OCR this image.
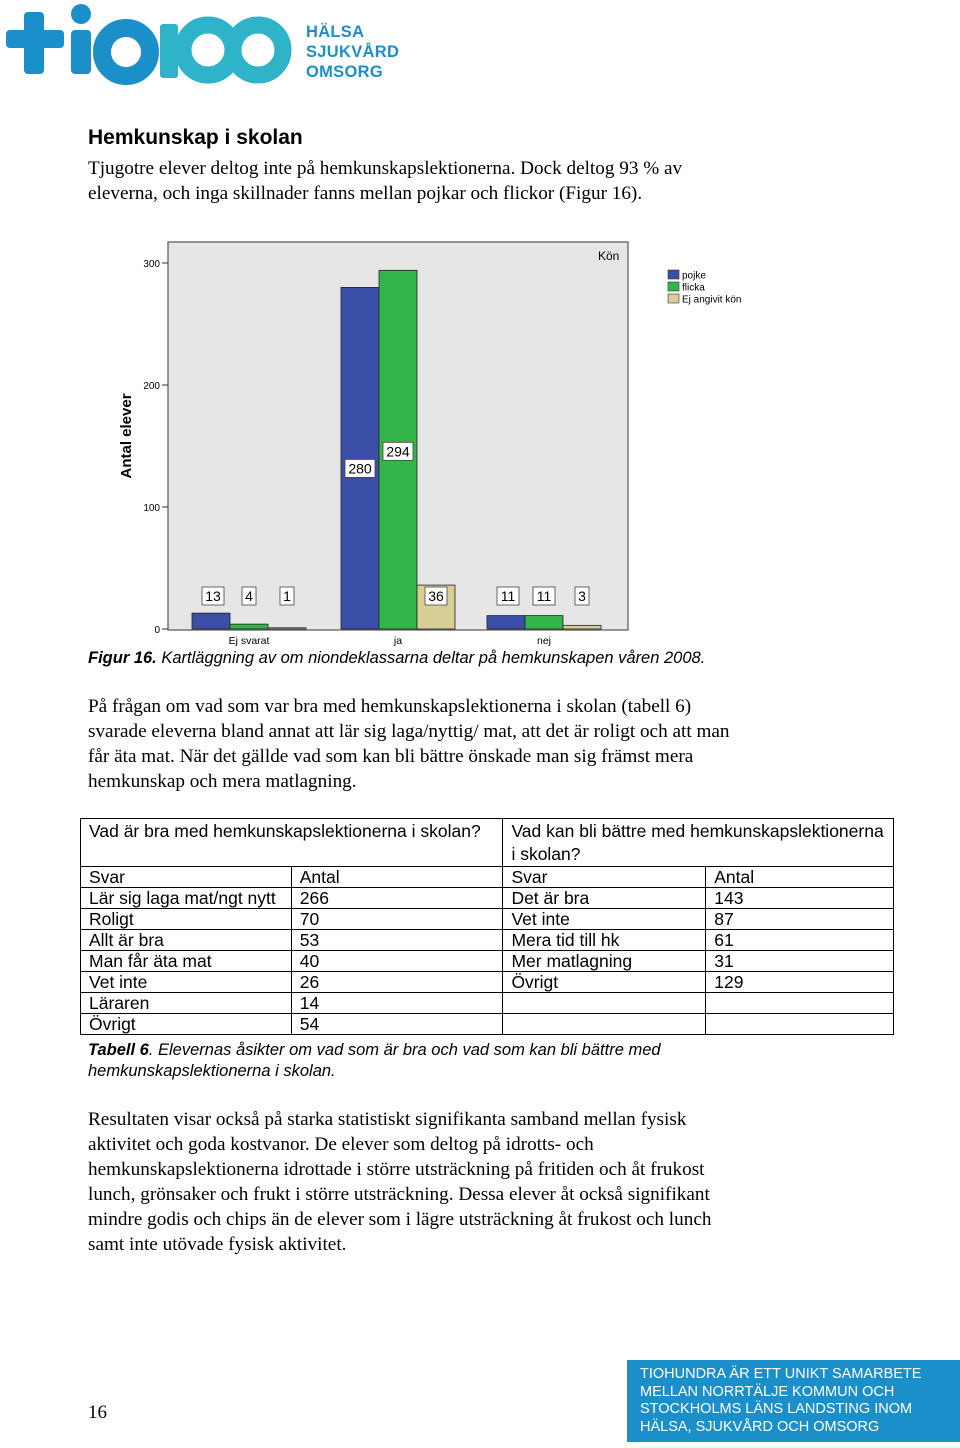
HÄLSA
SJUKVÅRD
OMSORG
Hemkunskap i skolan
Tjugotre elever deltog inte på hemkunskapslektionerna. Dock deltog 93 % av
eleverna, och inga skillnader fanns mellan pojkar och flickor (Figur 16).
0
100
200
300
Antal elever
13 4 1
Ej svarat
280
294
36
ja
11 11 3
nej
Kön
pojke
flicka
Ej angivit kön
Figur 16. Kartläggning av om niondeklassarna deltar på hemkunskapen våren 2008.
På frågan om vad som var bra med hemkunskapslektionerna i skolan (tabell 6)
svarade eleverna bland annat att lär sig laga/nyttig/ mat, att det är roligt och att man
får äta mat. När det gällde vad som kan bli bättre önskade man sig främst mera
hemkunskap och mera matlagning.
Vad är bra med hemkunskapslektionerna i skolan?		Vad kan bli bättre med hemkunskapslektionerna i skolan?	
Svar	Antal	Svar	Antal
Lär sig laga mat/ngt nytt	266	Det är bra	143
Roligt	70	Vet inte	87
Allt är bra	53	Mera tid till hk	61
Man får äta mat	40	Mer matlagning	31
Vet inte	26	Övrigt	129
Läraren	14		
Övrigt	54		
Tabell 6. Elevernas åsikter om vad som är bra och vad som kan bli bättre med
hemkunskapslektionerna i skolan.
Resultaten visar också på starka statistiskt signifikanta samband mellan fysisk
aktivitet och goda kostvanor. De elever som deltog på idrotts- och
hemkunskapslektionerna idrottade i större utsträckning på fritiden och åt frukost
lunch, grönsaker och frukt i större utsträckning. Dessa elever åt också signifikant
mindre godis och chips än de elever som i lägre utsträckning åt frukost och lunch
samt inte utövade fysisk aktivitet.
16
TIOHUNDRA ÄR ETT UNIKT SAMARBETE
MELLAN NORRTÄLJE KOMMUN OCH
STOCKHOLMS LÄNS LANDSTING INOM
HÄLSA, SJUKVÅRD OCH OMSORG
